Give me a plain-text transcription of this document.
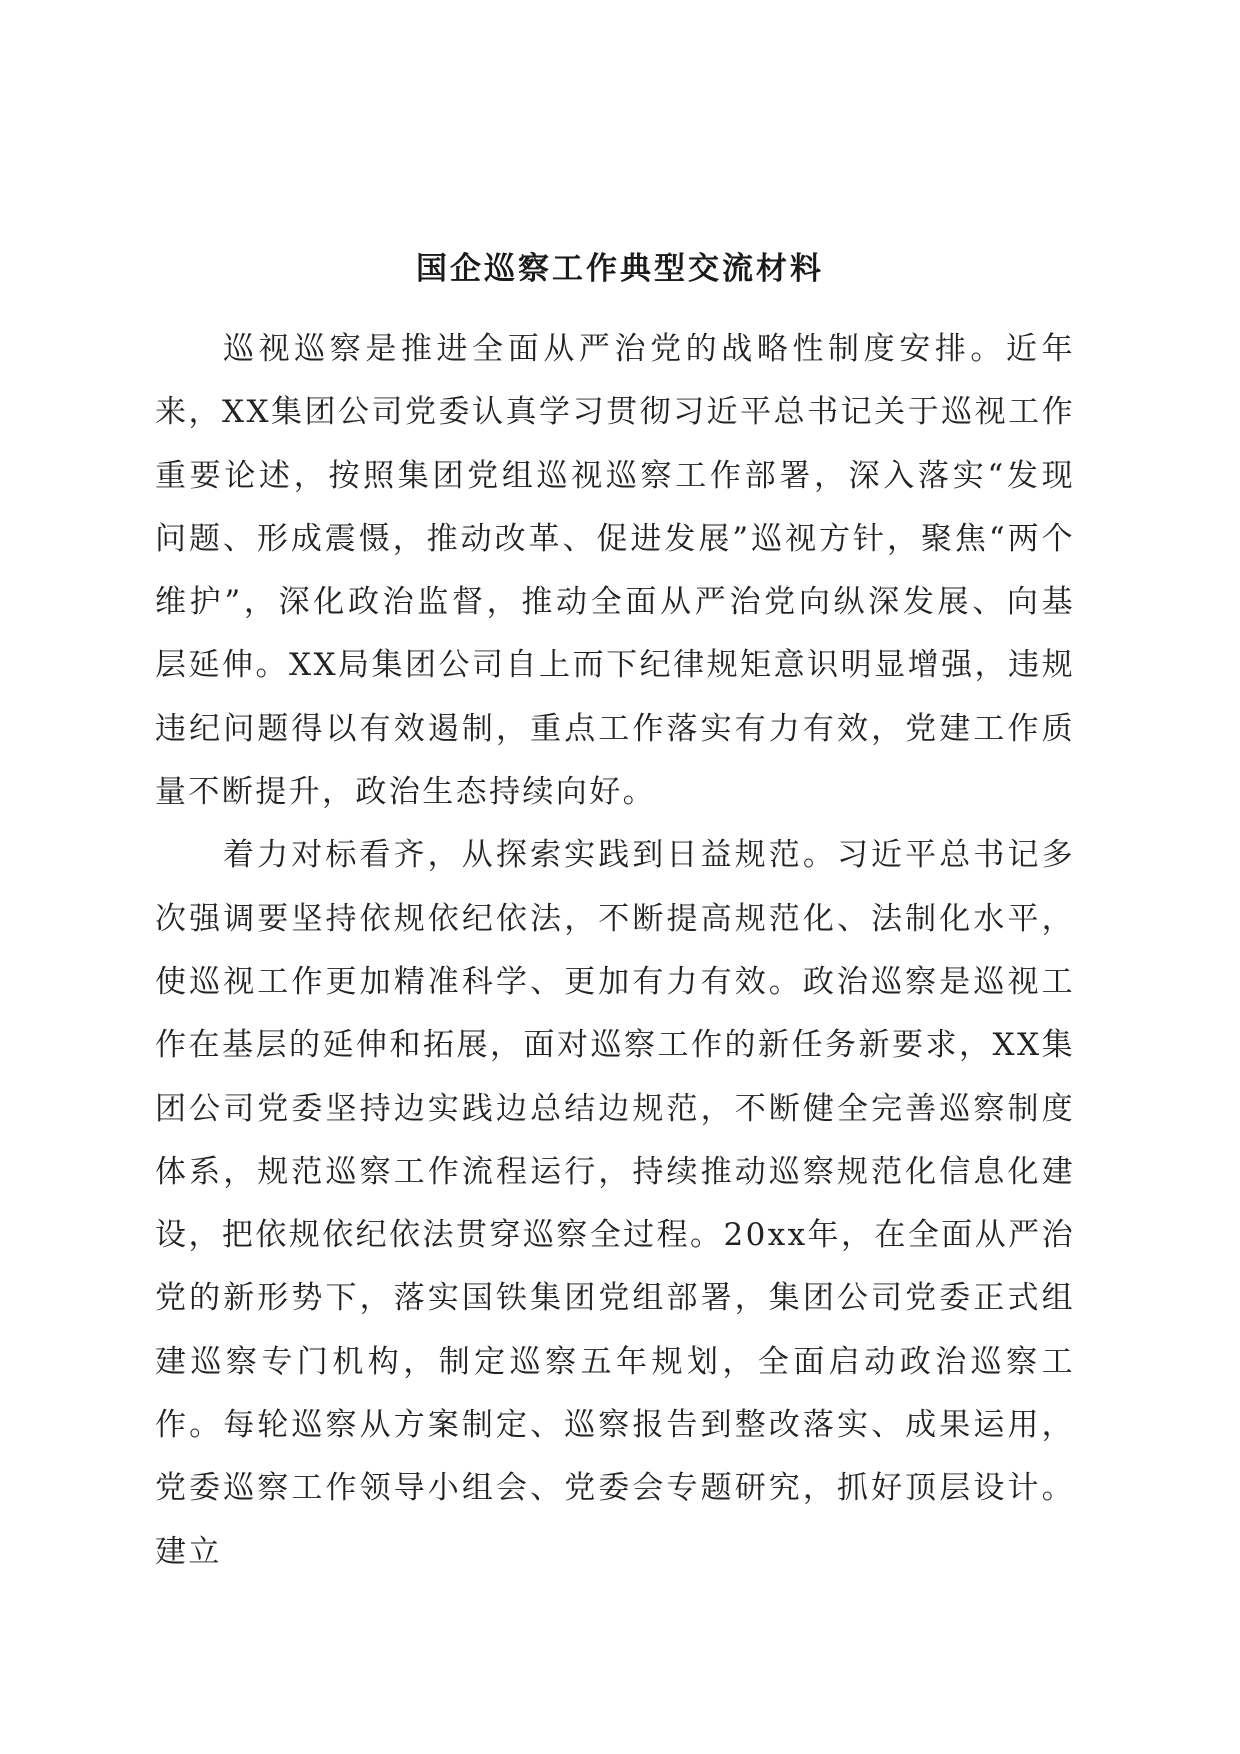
国企巡察工作典型交流材料

巡视巡察是推进全面从严治党的战略性制度安排。近年来，XX集团公司党委认真学习贯彻习近平总书记关于巡视工作重要论述，按照集团党组巡视巡察工作部署，深入落实“发现问题、形成震慑，推动改革、促进发展”巡视方针，聚焦“两个维护”，深化政治监督，推动全面从严治党向纵深发展、向基层延伸。XX局集团公司自上而下纪律规矩意识明显增强，违规违纪问题得以有效遏制，重点工作落实有力有效，党建工作质量不断提升，政治生态持续向好。

着力对标看齐，从探索实践到日益规范。习近平总书记多次强调要坚持依规依纪依法，不断提高规范化、法制化水平，使巡视工作更加精准科学、更加有力有效。政治巡察是巡视工作在基层的延伸和拓展，面对巡察工作的新任务新要求，XX集团公司党委坚持边实践边总结边规范，不断健全完善巡察制度体系，规范巡察工作流程运行，持续推动巡察规范化信息化建设，把依规依纪依法贯穿巡察全过程。20xx年，在全面从严治党的新形势下，落实国铁集团党组部署，集团公司党委正式组建巡察专门机构，制定巡察五年规划，全面启动政治巡察工作。每轮巡察从方案制定、巡察报告到整改落实、成果运用，党委巡察工作领导小组会、党委会专题研究，抓好顶层设计。建立
